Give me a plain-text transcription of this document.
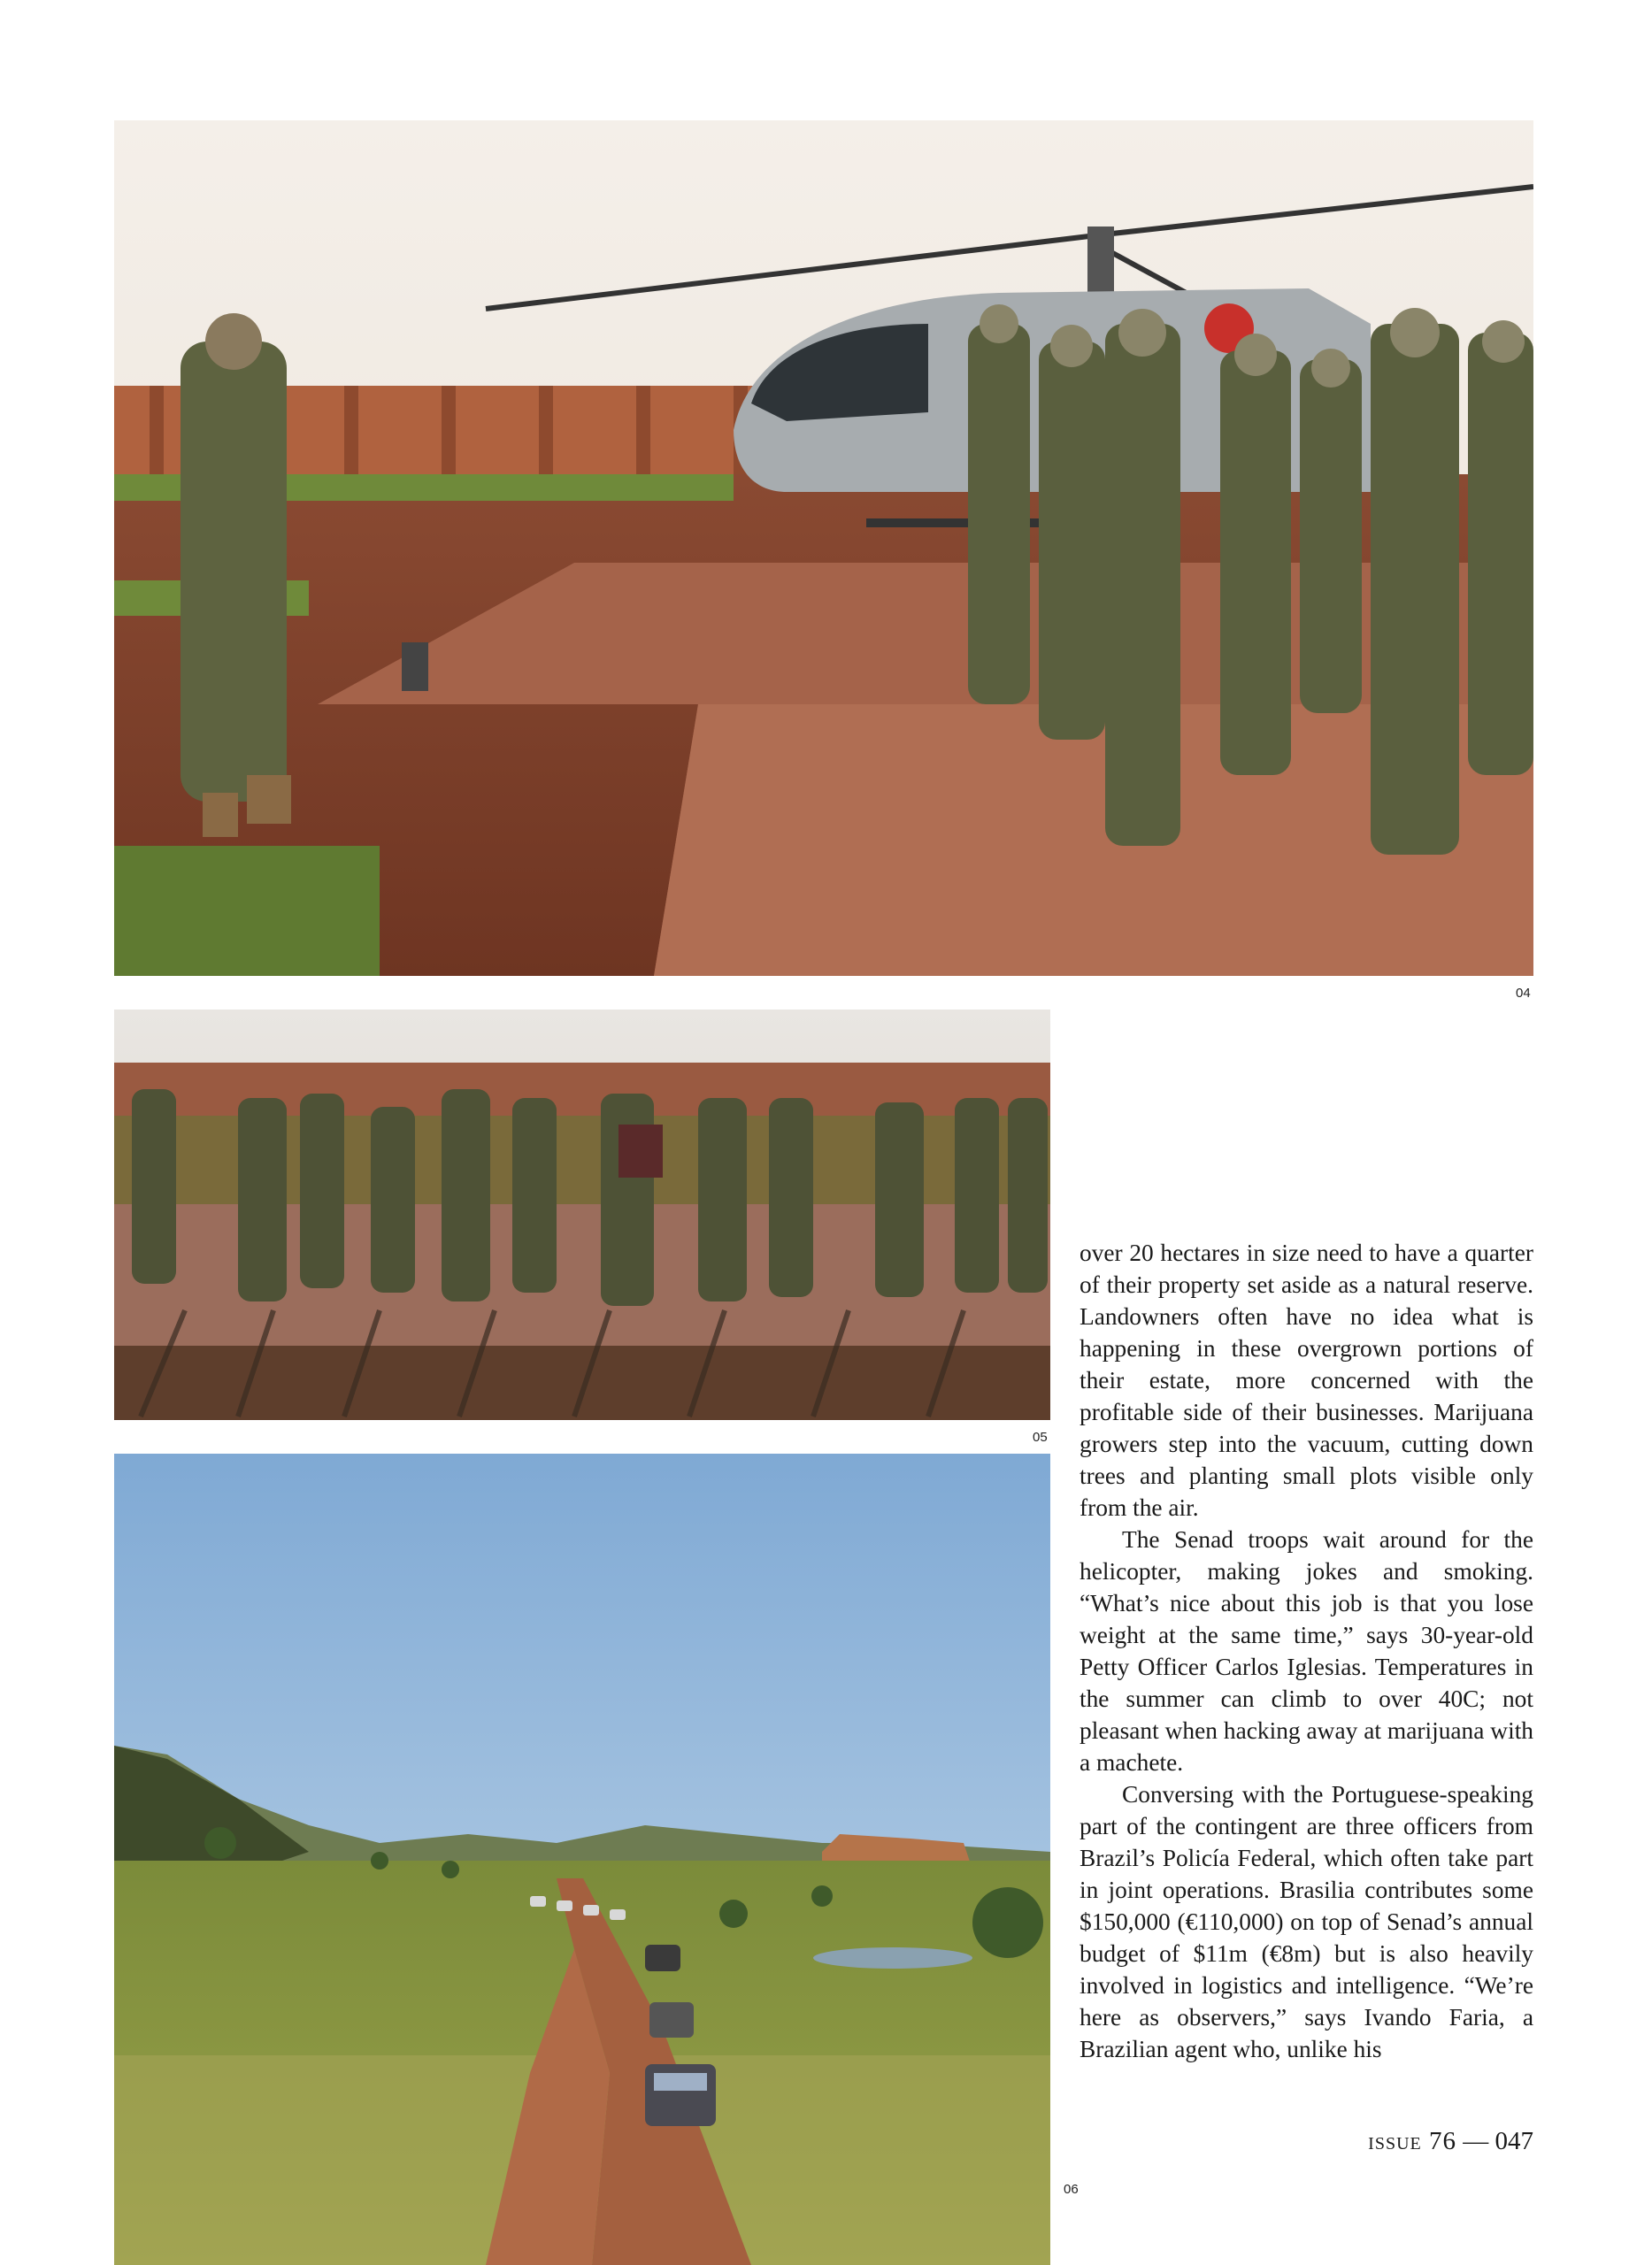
04
05
06

over 20 hectares in size need to have a quarter of their property set aside as a natural reserve. Landowners often have no idea what is happening in these overgrown portions of their estate, more concerned with the profitable side of their businesses. Marijuana growers step into the vacuum, cutting down trees and planting small plots visible only from the air.

The Senad troops wait around for the helicopter, making jokes and smoking. “What’s nice about this job is that you lose weight at the same time,” says 30-year-old Petty Officer Carlos Iglesias. Temperatures in the summer can climb to over 40C; not pleasant when hacking away at marijuana with a machete.

Conversing with the Portuguese-speaking part of the contingent are three officers from Brazil’s Policía Federal, which often take part in joint operations. Brasilia contributes some $150,000 (€110,000) on top of Senad’s annual budget of $11m (€8m) but is also heavily involved in logistics and intelligence. “We’re here as observers,” says Ivando Faria, a Brazilian agent who, unlike his

issue 76 — 047
